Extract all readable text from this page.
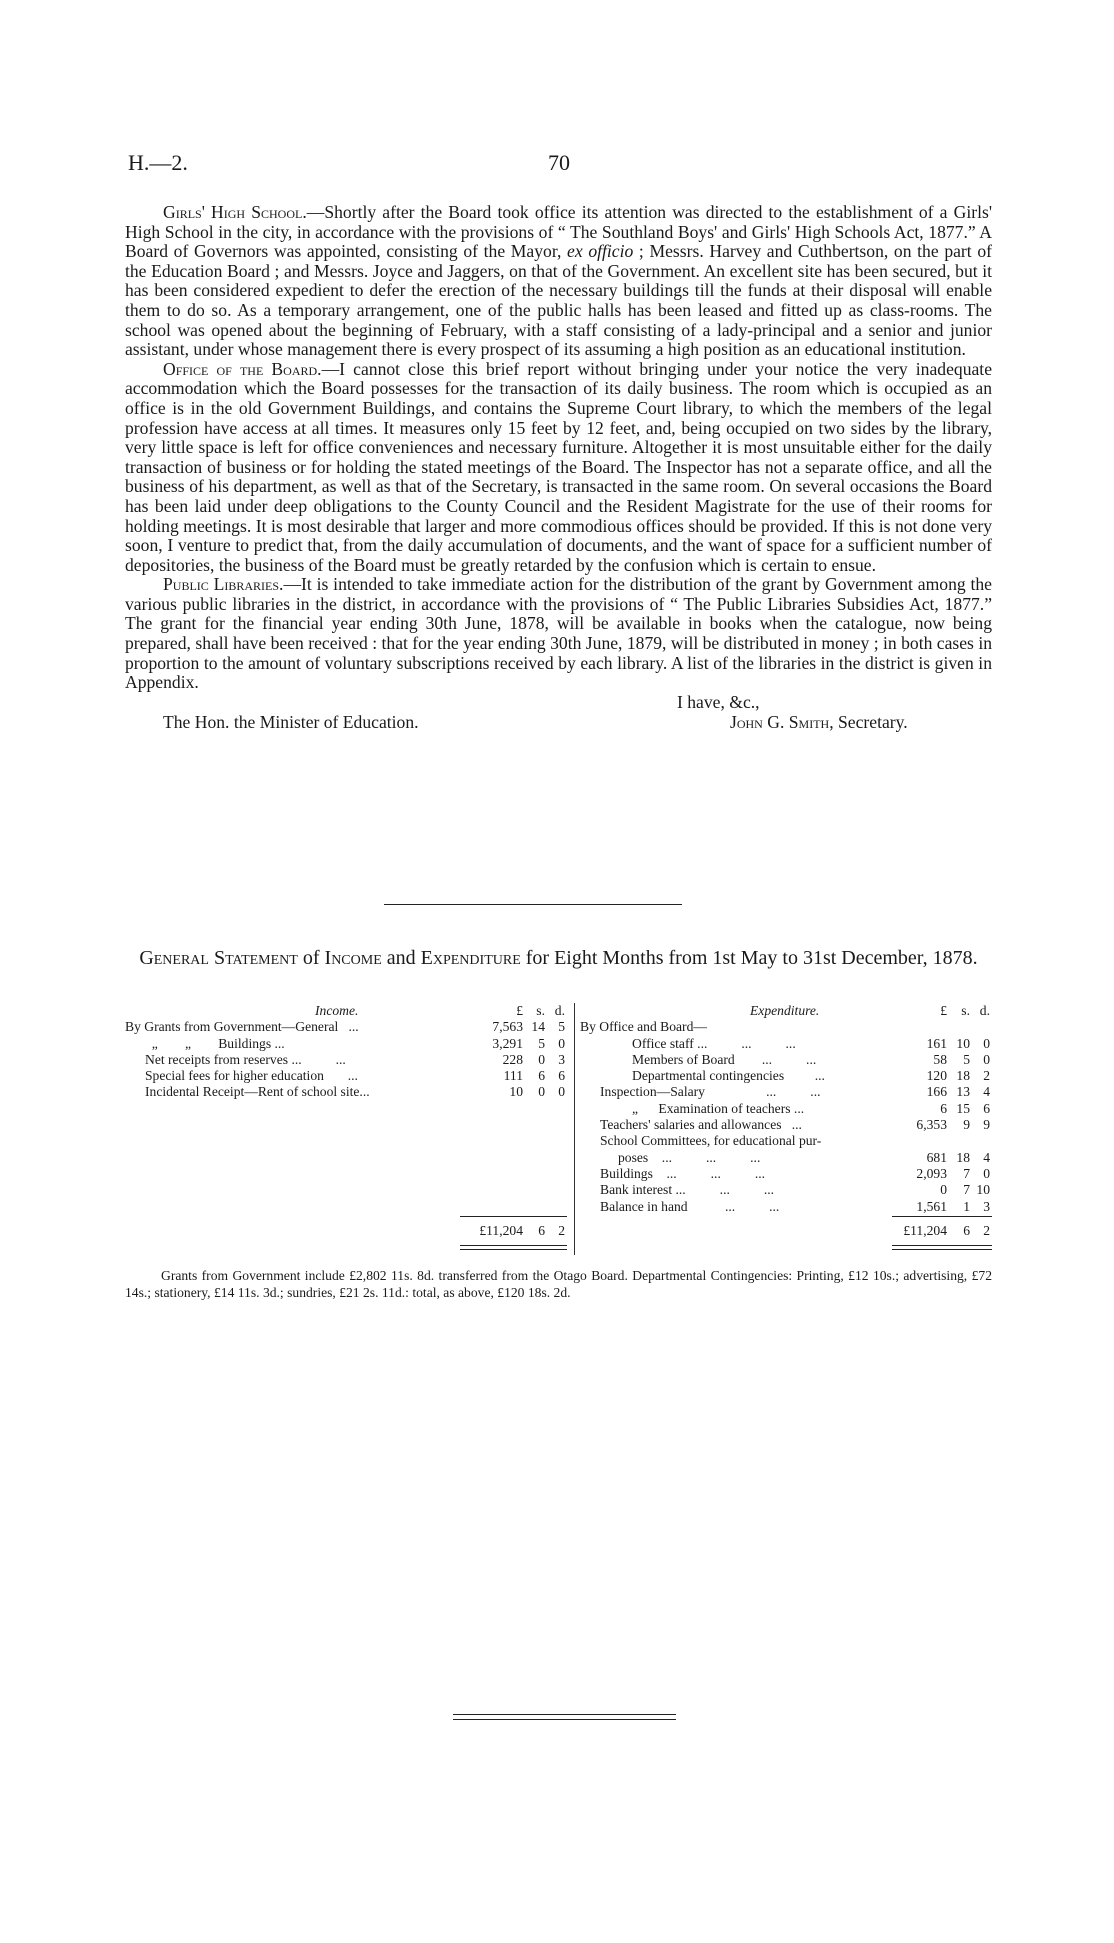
H.—2.	70

Girls' High School.—Shortly after the Board took office its attention was directed to the establishment of a Girls' High School in the city, in accordance with the provisions of “ The Southland Boys' and Girls' High Schools Act, 1877.” A Board of Governors was appointed, consisting of the Mayor, ex officio ; Messrs. Harvey and Cuthbertson, on the part of the Education Board ; and Messrs. Joyce and Jaggers, on that of the Government. An excellent site has been secured, but it has been considered expedient to defer the erection of the necessary buildings till the funds at their disposal will enable them to do so. As a temporary arrangement, one of the public halls has been leased and fitted up as class-rooms. The school was opened about the beginning of February, with a staff consisting of a lady-principal and a senior and junior assistant, under whose management there is every prospect of its assuming a high position as an educational institution.

Office of the Board.—I cannot close this brief report without bringing under your notice the very inadequate accommodation which the Board possesses for the transaction of its daily business. The room which is occupied as an office is in the old Government Buildings, and contains the Supreme Court library, to which the members of the legal profession have access at all times. It measures only 15 feet by 12 feet, and, being occupied on two sides by the library, very little space is left for office conveniences and necessary furniture. Altogether it is most unsuitable either for the daily transaction of business or for holding the stated meetings of the Board. The Inspector has not a separate office, and all the business of his department, as well as that of the Secretary, is transacted in the same room. On several occasions the Board has been laid under deep obligations to the County Council and the Resident Magistrate for the use of their rooms for holding meetings. It is most desirable that larger and more commodious offices should be provided. If this is not done very soon, I venture to predict that, from the daily accumulation of documents, and the want of space for a sufficient number of depositories, the business of the Board must be greatly retarded by the confusion which is certain to ensue.

Public Libraries.—It is intended to take immediate action for the distribution of the grant by Government among the various public libraries in the district, in accordance with the provisions of “ The Public Libraries Subsidies Act, 1877.” The grant for the financial year ending 30th June, 1878, will be available in books when the catalogue, now being prepared, shall have been received : that for the year ending 30th June, 1879, will be distributed in money ; in both cases in proportion to the amount of voluntary subscriptions received by each library. A list of the libraries in the district is given in Appendix.

I have, &c.,
The Hon. the Minister of Education.	John G. Smith, Secretary.
General Statement of Income and Expenditure for Eight Months from 1st May to 31st December, 1878.
Income.	£ s. d.
By Grants from Government—General   ...	7,563 14 5
„        „        Buildings ...	3,291	5 0
Net receipts from reserves ...          ...	228	0 3
Special fees for higher education       ...	111	6 6
Incidental Receipt—Rent of school site...	10	0 0
£11,204	6 2
Expenditure.	£	s. d.
By Office and Board—
Office staff ...          ...          ...	161 10 0
Members of Board        ...          ...	58	5 0
Departmental contingencies         ...	120 18 2
Inspection—Salary                  ...          ...	166 13 4
„      Examination of teachers ...	6 15 6
Teachers' salaries and allowances   ...	6,353	9 9
School Committees, for educational pur-
poses    ...          ...          ...	681 18 4
Buildings    ...          ...          ...	2,093	7 0
Bank interest ...          ...          ...	0	7 10
Balance in hand           ...          ...	1,561	1 3
£11,204	6 2

Grants from Government include £2,802 11s. 8d. transferred from the Otago Board. Departmental Contingencies: Printing, £12 10s.; advertising, £72 14s.; stationery, £14 11s. 3d.; sundries, £21 2s. 11d.: total, as above, £120 18s. 2d.
